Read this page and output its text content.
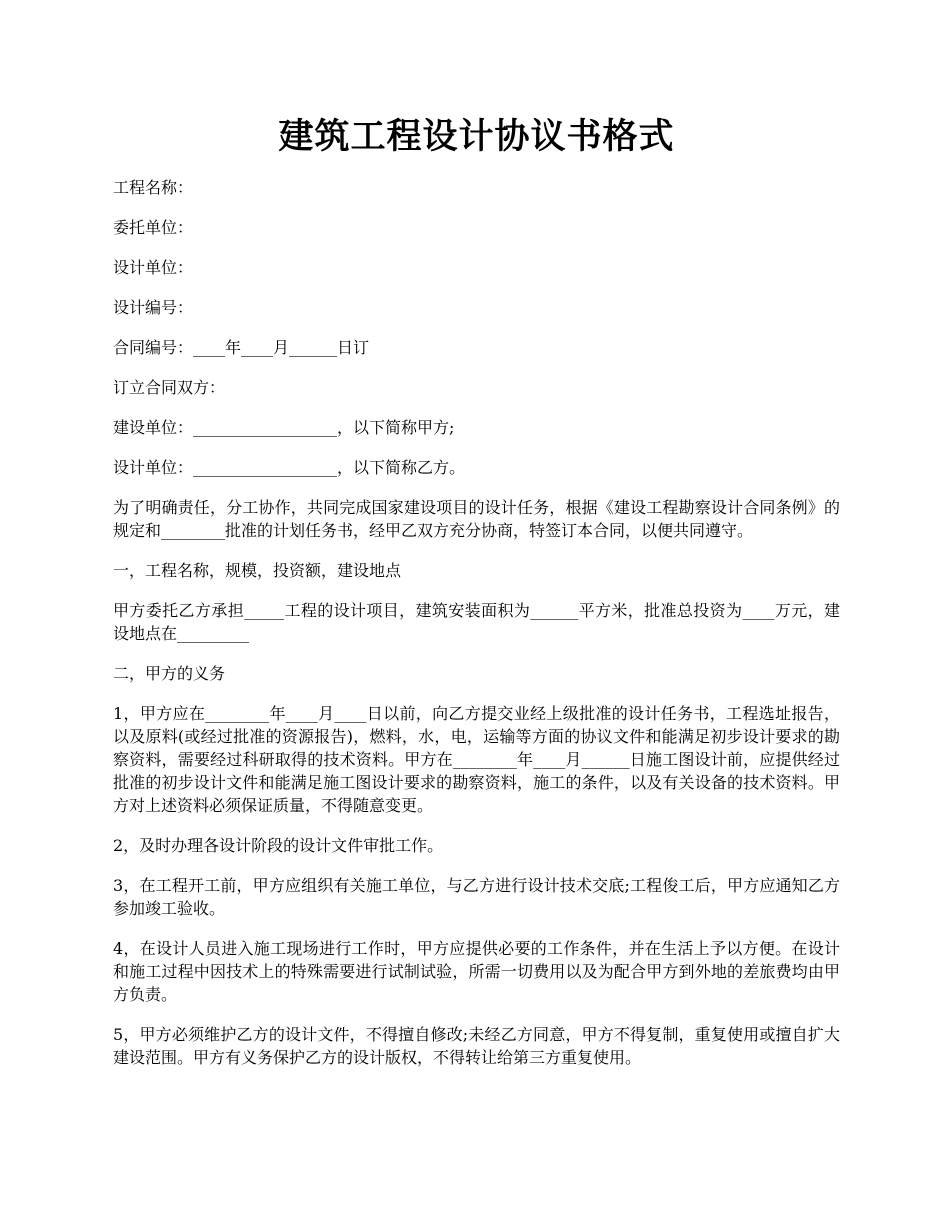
建筑工程设计协议书格式

工程名称：

委托单位：

设计单位：

设计编号：

合同编号：____年____月______日订

订立合同双方：

建设单位：__________________，以下简称甲方;

设计单位：__________________，以下简称乙方。

为了明确责任，分工协作，共同完成国家建设项目的设计任务，根据《建设工程勘察设计合同条例》的规定和________批准的计划任务书，经甲乙双方充分协商，特签订本合同，以便共同遵守。

一，工程名称，规模，投资额，建设地点

甲方委托乙方承担_____工程的设计项目，建筑安装面积为______平方米，批准总投资为____万元，建设地点在_________

二，甲方的义务

1，甲方应在________年____月____日以前，向乙方提交业经上级批准的设计任务书，工程选址报告，以及原料(或经过批准的资源报告)，燃料，水，电，运输等方面的协议文件和能满足初步设计要求的勘察资料，需要经过科研取得的技术资料。甲方在________年____月______日施工图设计前，应提供经过批准的初步设计文件和能满足施工图设计要求的勘察资料，施工的条件，以及有关设备的技术资料。甲方对上述资料必须保证质量，不得随意变更。

2，及时办理各设计阶段的设计文件审批工作。

3，在工程开工前，甲方应组织有关施工单位，与乙方进行设计技术交底;工程俊工后，甲方应通知乙方参加竣工验收。

4，在设计人员进入施工现场进行工作时，甲方应提供必要的工作条件，并在生活上予以方便。在设计和施工过程中因技术上的特殊需要进行试制试验，所需一切费用以及为配合甲方到外地的差旅费均由甲方负责。

5，甲方必须维护乙方的设计文件，不得擅自修改;未经乙方同意，甲方不得复制，重复使用或擅自扩大建设范围。甲方有义务保护乙方的设计版权，不得转让给第三方重复使用。
